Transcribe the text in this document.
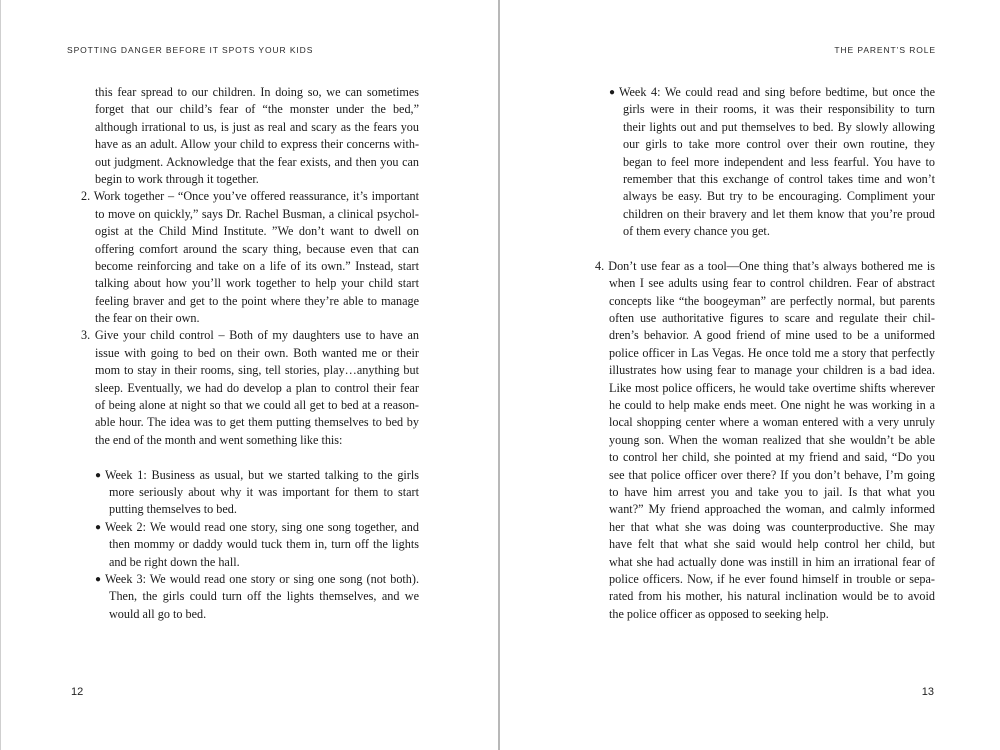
SPOTTING DANGER BEFORE IT SPOTS YOUR KIDS
this fear spread to our children. In doing so, we can sometimes
forget that our child’s fear of “the monster under the bed,”
although irrational to us, is just as real and scary as the fears you
have as an adult. Allow your child to express their concerns with-
out judgment. Acknowledge that the fear exists, and then you can
begin to work through it together.
2. Work together – “Once you’ve offered reassurance, it’s important
to move on quickly,” says Dr. Rachel Busman, a clinical psychol-
ogist at the Child Mind Institute. ”We don’t want to dwell on
offering comfort around the scary thing, because even that can
become reinforcing and take on a life of its own.” Instead, start
talking about how you’ll work together to help your child start
feeling braver and get to the point where they’re able to manage
the fear on their own.
3. Give your child control – Both of my daughters use to have an
issue with going to bed on their own. Both wanted me or their
mom to stay in their rooms, sing, tell stories, play…anything but
sleep. Eventually, we had do develop a plan to control their fear
of being alone at night so that we could all get to bed at a reason-
able hour. The idea was to get them putting themselves to bed by
the end of the month and went something like this:
● Week 1: Business as usual, but we started talking to the girls
more seriously about why it was important for them to start
putting themselves to bed.
● Week 2: We would read one story, sing one song together, and
then mommy or daddy would tuck them in, turn off the lights
and be right down the hall.
● Week 3: We would read one story or sing one song (not both).
Then, the girls could turn off the lights themselves, and we
would all go to bed.
12
THE PARENT’S ROLE
● Week 4: We could read and sing before bedtime, but once the
girls were in their rooms, it was their responsibility to turn
their lights out and put themselves to bed. By slowly allowing
our girls to take more control over their own routine, they
began to feel more independent and less fearful. You have to
remember that this exchange of control takes time and won’t
always be easy. But try to be encouraging. Compliment your
children on their bravery and let them know that you’re proud
of them every chance you get.
4. Don’t use fear as a tool—One thing that’s always bothered me is
when I see adults using fear to control children. Fear of abstract
concepts like “the boogeyman” are perfectly normal, but parents
often use authoritative figures to scare and regulate their chil-
dren’s behavior. A good friend of mine used to be a uniformed
police officer in Las Vegas. He once told me a story that perfectly
illustrates how using fear to manage your children is a bad idea.
Like most police officers, he would take overtime shifts wherever
he could to help make ends meet. One night he was working in a
local shopping center where a woman entered with a very unruly
young son. When the woman realized that she wouldn’t be able
to control her child, she pointed at my friend and said, “Do you
see that police officer over there? If you don’t behave, I’m going
to have him arrest you and take you to jail. Is that what you
want?” My friend approached the woman, and calmly informed
her that what she was doing was counterproductive. She may
have felt that what she said would help control her child, but
what she had actually done was instill in him an irrational fear of
police officers. Now, if he ever found himself in trouble or sepa-
rated from his mother, his natural inclination would be to avoid
the police officer as opposed to seeking help.
13
